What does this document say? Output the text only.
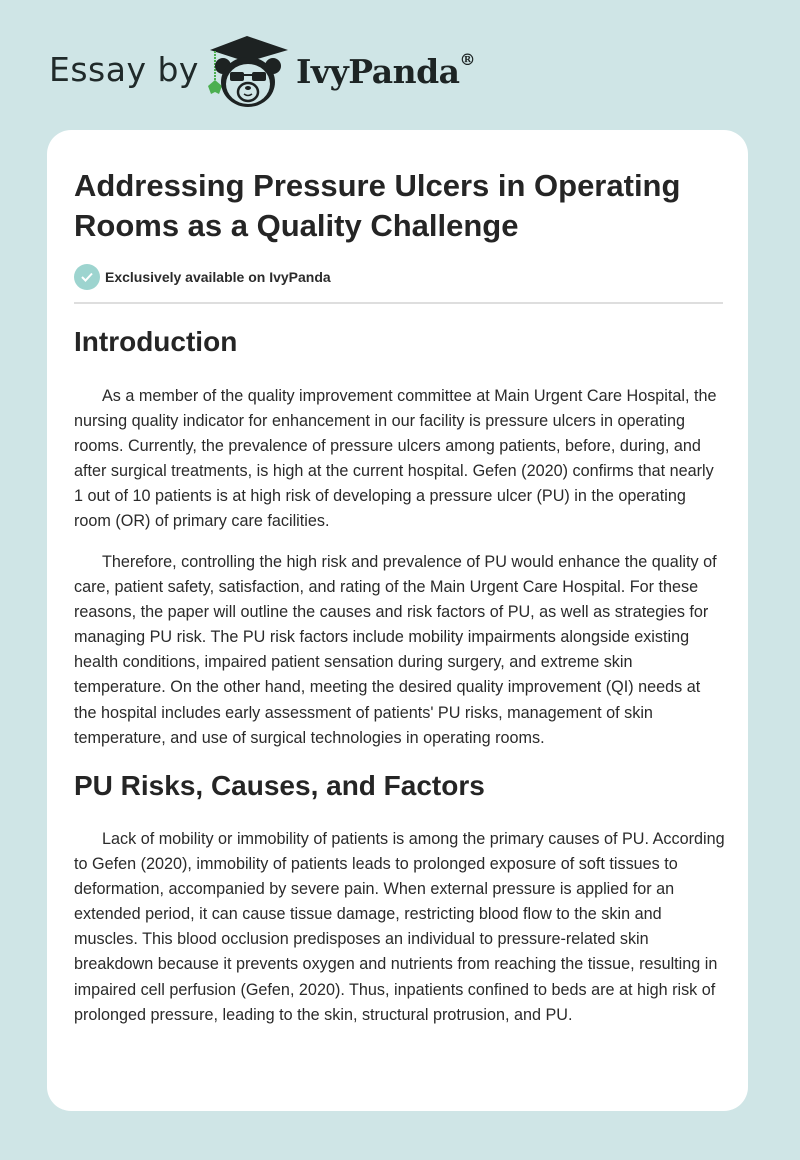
Essay by	IvyPanda®
Addressing Pressure Ulcers in Operating Rooms as a Quality Challenge
Exclusively available on IvyPanda
Introduction

As a member of the quality improvement committee at Main Urgent Care Hospital, the nursing quality indicator for enhancement in our facility is pressure ulcers in operating rooms. Currently, the prevalence of pressure ulcers among patients, before, during, and after surgical treatments, is high at the current hospital. Gefen (2020) confirms that nearly 1 out of 10 patients is at high risk of developing a pressure ulcer (PU) in the operating room (OR) of primary care facilities.

Therefore, controlling the high risk and prevalence of PU would enhance the quality of care, patient safety, satisfaction, and rating of the Main Urgent Care Hospital. For these reasons, the paper will outline the causes and risk factors of PU, as well as strategies for managing PU risk. The PU risk factors include mobility impairments alongside existing health conditions, impaired patient sensation during surgery, and extreme skin temperature. On the other hand, meeting the desired quality improvement (QI) needs at the hospital includes early assessment of patients' PU risks, management of skin temperature, and use of surgical technologies in operating rooms.

PU Risks, Causes, and Factors

Lack of mobility or immobility of patients is among the primary causes of PU. According to Gefen (2020), immobility of patients leads to prolonged exposure of soft tissues to deformation, accompanied by severe pain. When external pressure is applied for an extended period, it can cause tissue damage, restricting blood flow to the skin and muscles. This blood occlusion predisposes an individual to pressure-related skin breakdown because it prevents oxygen and nutrients from reaching the tissue, resulting in impaired cell perfusion (Gefen, 2020). Thus, inpatients confined to beds are at high risk of prolonged pressure, leading to the skin, structural protrusion, and PU.
